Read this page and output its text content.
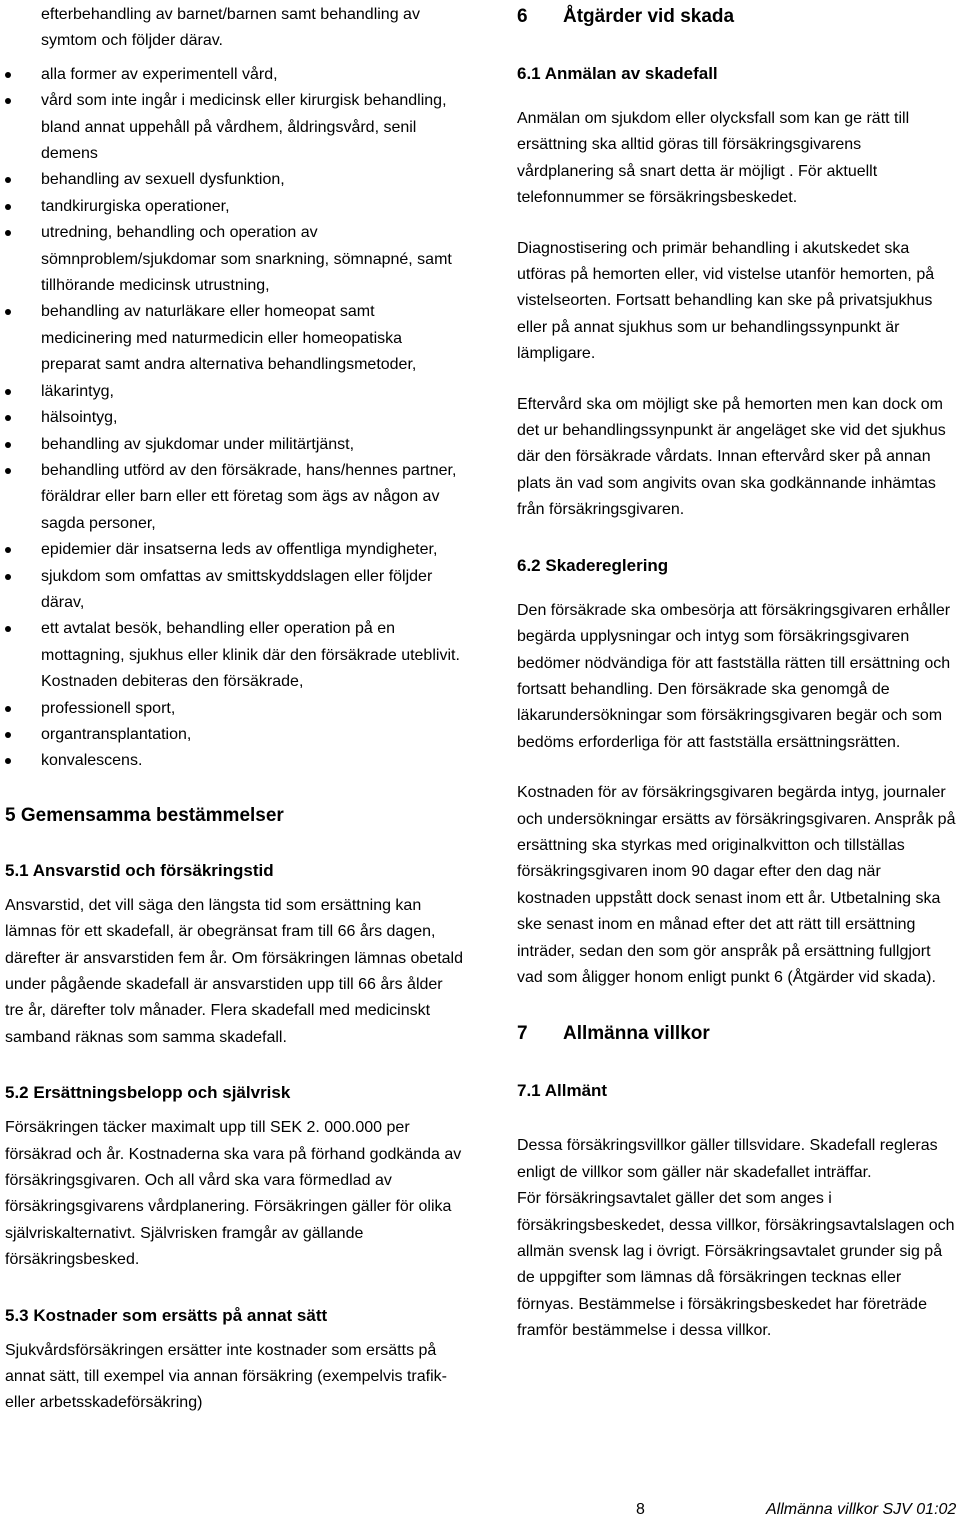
efterbehandling av barnet/barnen samt behandling av symtom och följder därav.
alla former av experimentell vård,
vård som inte ingår i medicinsk eller kirurgisk behandling, bland annat uppehåll på vårdhem, åldringsvård, senil demens
behandling av sexuell dysfunktion,
tandkirurgiska operationer,
utredning, behandling och operation av sömnproblem/sjukdomar som snarkning, sömnapné, samt tillhörande medicinsk utrustning,
behandling av naturläkare eller homeopat samt medicinering med naturmedicin eller homeopatiska preparat samt andra alternativa behandlingsmetoder,
läkarintyg,
hälsointyg,
behandling av sjukdomar under militärtjänst,
behandling utförd av den försäkrade, hans/hennes partner, föräldrar eller barn eller ett företag som ägs av någon av sagda personer,
epidemier där insatserna leds av offentliga myndigheter,
sjukdom som omfattas av smittskyddslagen eller följder därav,
ett avtalat besök, behandling eller operation på en mottagning, sjukhus eller klinik där den försäkrade uteblivit. Kostnaden debiteras den försäkrade,
professionell sport,
organtransplantation,
konvalescens.
5 Gemensamma bestämmelser
5.1 Ansvarstid och försäkringstid

Ansvarstid, det vill säga den längsta tid som ersättning kan lämnas för ett skadefall, är obegränsat fram till 66 års dagen, därefter är ansvarstiden fem år. Om försäkringen lämnas obetald under pågående skadefall är ansvarstiden upp till 66 års ålder tre år, därefter tolv månader. Flera skadefall med medicinskt samband räknas som samma skadefall.

5.2 Ersättningsbelopp och självrisk

Försäkringen täcker maximalt upp till SEK 2. 000.000 per försäkrad och år. Kostnaderna ska vara på förhand godkända av försäkringsgivaren. Och all vård ska vara förmedlad av försäkringsgivarens vårdplanering. Försäkringen gäller för olika självriskalternativt. Självrisken framgår av gällande försäkringsbesked.

5.3 Kostnader som ersätts på annat sätt

Sjukvårdsförsäkringen ersätter inte kostnader som ersätts på annat sätt, till exempel via annan försäkring (exempelvis trafik- eller arbetsskadeförsäkring)

6 Åtgärder vid skada
6.1 Anmälan av skadefall

Anmälan om sjukdom eller olycksfall som kan ge rätt till ersättning ska alltid göras till försäkringsgivarens vårdplanering så snart detta är möjligt . För aktuellt telefonnummer se försäkringsbeskedet.

Diagnostisering och primär behandling i akutskedet ska utföras på hemorten eller, vid vistelse utanför hemorten, på vistelseorten. Fortsatt behandling kan ske på privatsjukhus eller på annat sjukhus som ur behandlingssynpunkt är lämpligare.

Eftervård ska om möjligt ske på hemorten men kan dock om det ur behandlingssynpunkt är angeläget ske vid det sjukhus där den försäkrade vårdats. Innan eftervård sker på annan plats än vad som angivits ovan ska godkännande inhämtas från försäkringsgivaren.

6.2 Skadereglering

Den försäkrade ska ombesörja att försäkringsgivaren erhåller begärda upplysningar och intyg som försäkringsgivaren bedömer nödvändiga för att fastställa rätten till ersättning och fortsatt behandling. Den försäkrade ska genomgå de läkarundersökningar som försäkringsgivaren begär och som bedöms erforderliga för att fastställa ersättningsrätten.

Kostnaden för av försäkringsgivaren begärda intyg, journaler och undersökningar ersätts av försäkringsgivaren. Anspråk på ersättning ska styrkas med originalkvitton och tillställas försäkringsgivaren inom 90 dagar efter den dag när kostnaden uppstått dock senast inom ett år. Utbetalning ska ske senast inom en månad efter det att rätt till ersättning inträder, sedan den som gör anspråk på ersättning fullgjort vad som åligger honom enligt punkt 6 (Åtgärder vid skada).

7 Allmänna villkor
7.1 Allmänt

Dessa försäkringsvillkor gäller tillsvidare. Skadefall regleras enligt de villkor som gäller när skadefallet inträffar.

För försäkringsavtalet gäller det som anges i försäkringsbeskedet, dessa villkor, försäkringsavtalslagen och allmän svensk lag i övrigt. Försäkringsavtalet grunder sig på de uppgifter som lämnas då försäkringen tecknas eller förnyas. Bestämmelse i försäkringsbeskedet har företräde framför bestämmelse i dessa villkor.

8	Allmänna villkor SJV 01:02
